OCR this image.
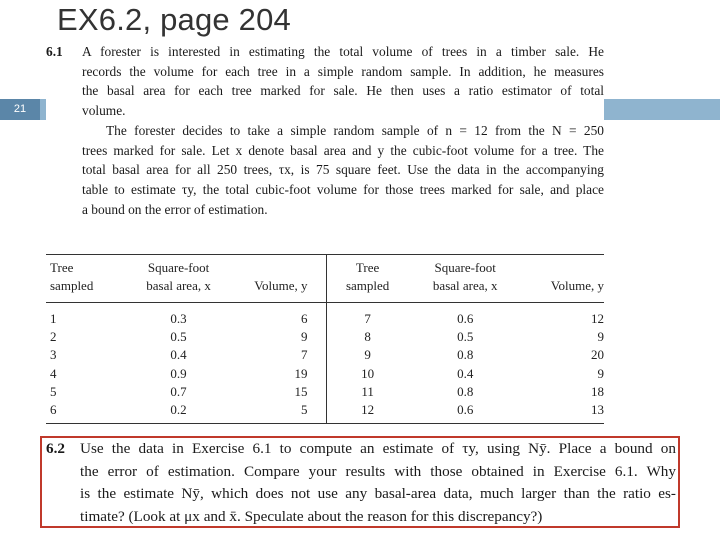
EX6.2, page 204
21

6.1 A forester is interested in estimating the total volume of trees in a timber sale. He

records the volume for each tree in a simple random sample. In addition, he measures

the basal area for each tree marked for sale. He then uses a ratio estimator of total

volume.

The forester decides to take a simple random sample of n = 12 from the N = 250

trees marked for sale. Let x denote basal area and y the cubic-foot volume for a tree. The

total basal area for all 250 trees, τx, is 75 square feet. Use the data in the accompanying

table to estimate τy, the total cubic-foot volume for those trees marked for sale, and place

a bound on the error of estimation.

Tree
sampled	Square-foot
basal area, x	Volume, y	Tree
sampled	Square-foot
basal area, x	Volume, y
1	0.3	6	7	0.6	12
2	0.5	9	8	0.5	9
3	0.4	7	9	0.8	20
4	0.9	19	10	0.4	9
5	0.7	15	11	0.8	18
6	0.2	5	12	0.6	13

6.2 Use the data in Exercise 6.1 to compute an estimate of τy, using Nȳ. Place a bound on

the error of estimation. Compare your results with those obtained in Exercise 6.1. Why

is the estimate Nȳ, which does not use any basal-area data, much larger than the ratio es-

timate? (Look at μx and x̄. Speculate about the reason for this discrepancy?)
